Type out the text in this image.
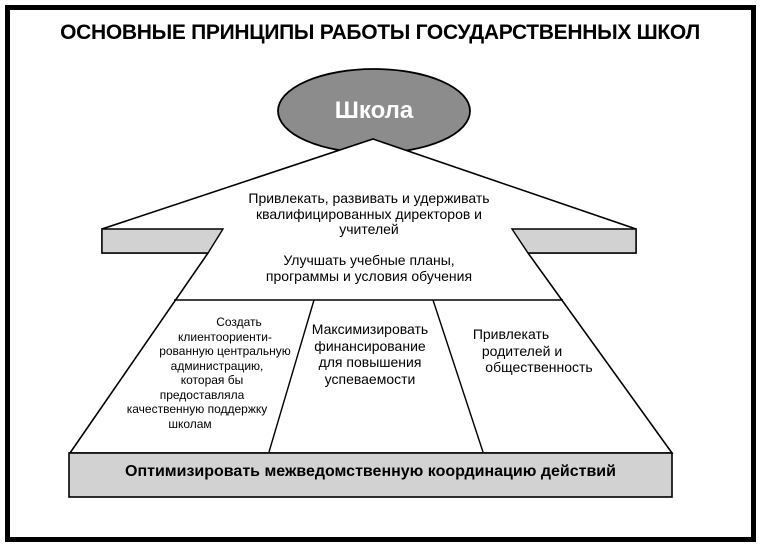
ОСНОВНЫЕ ПРИНЦИПЫ РАБОТЫ ГОСУДАРСТВЕННЫХ ШКОЛ
Школа
Привлекать, развивать и удерживать
квалифицированных директоров и
учителей
Улучшать учебные планы,
программы и условия обучения
Создать
клиентоориенти-
рованную центральную
администрацию,
которая бы
предоставляла
качественную поддержку
школам
Максимизировать
финансирование
для повышения
успеваемости
Привлекать
родителей и
общественность
Оптимизировать межведомственную координацию действий
